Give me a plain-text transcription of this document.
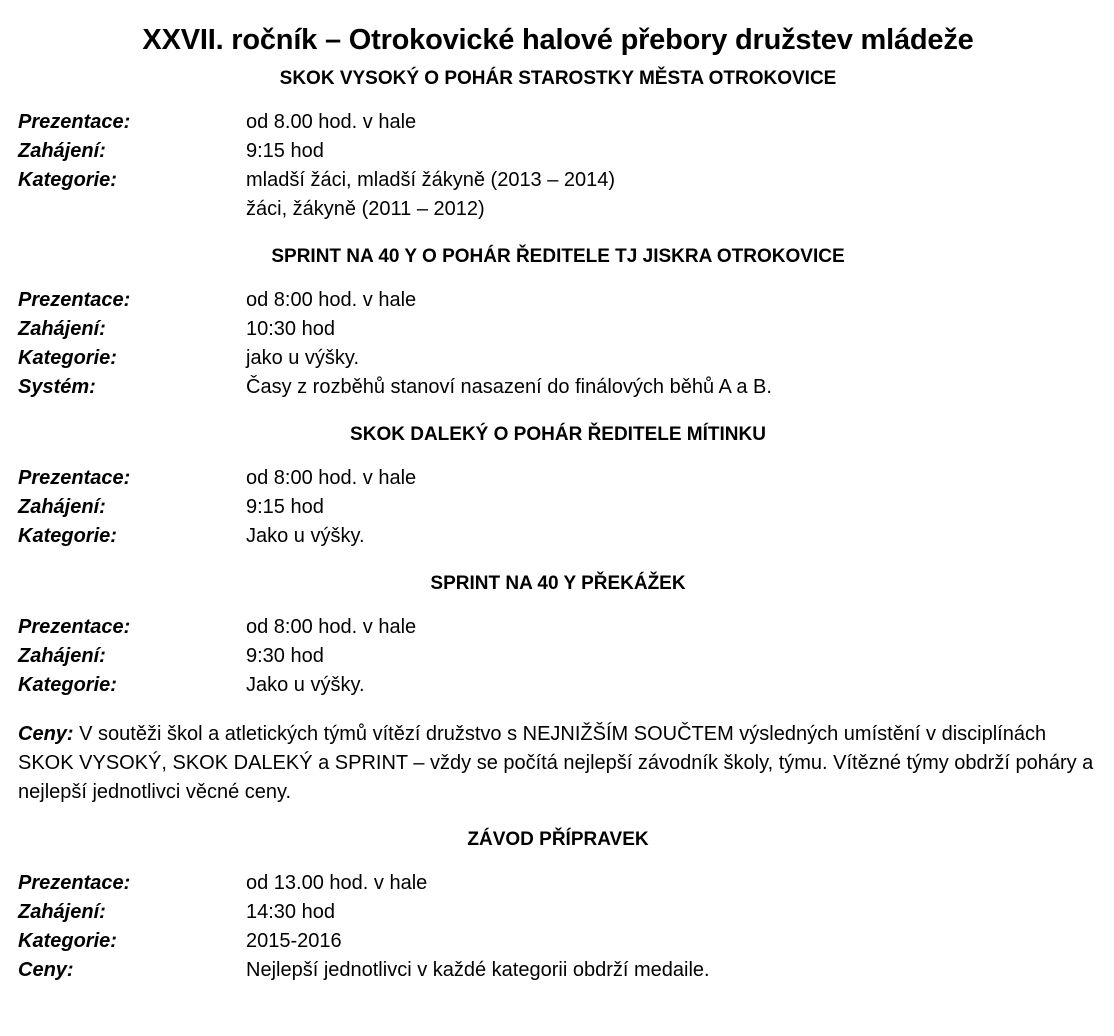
XXVII. ročník – Otrokovické halové přebory družstev mládeže
SKOK VYSOKÝ O POHÁR STAROSTKY MĚSTA OTROKOVICE
Prezentace:	od 8.00 hod. v hale
Zahájení:	9:15 hod
Kategorie:	mladší žáci, mladší žákyně (2013 – 2014)
žáci, žákyně (2011 – 2012)
SPRINT NA 40 Y O POHÁR ŘEDITELE TJ JISKRA OTROKOVICE
Prezentace:	od 8:00 hod. v hale
Zahájení:	10:30 hod
Kategorie:	jako u výšky.
Systém:	Časy z rozběhů stanoví nasazení do finálových běhů A a B.
SKOK DALEKÝ O POHÁR ŘEDITELE MÍTINKU
Prezentace:	od 8:00 hod. v hale
Zahájení:	9:15 hod
Kategorie:	Jako u výšky.
SPRINT NA 40 Y PŘEKÁŽEK
Prezentace:	od 8:00 hod. v hale
Zahájení:	9:30 hod
Kategorie:	Jako u výšky.

Ceny: V soutěži škol a atletických týmů vítězí družstvo s NEJNIŽŠÍM SOUČTEM výsledných umístění v disciplínách SKOK VYSOKÝ, SKOK DALEKÝ a SPRINT – vždy se počítá nejlepší závodník školy, týmu. Vítězné týmy obdrží poháry a nejlepší jednotlivci věcné ceny.

ZÁVOD PŘÍPRAVEK
Prezentace:	od 13.00 hod. v hale
Zahájení:	14:30 hod
Kategorie:	2015-2016
Ceny:	Nejlepší jednotlivci v každé kategorii obdrží medaile.
